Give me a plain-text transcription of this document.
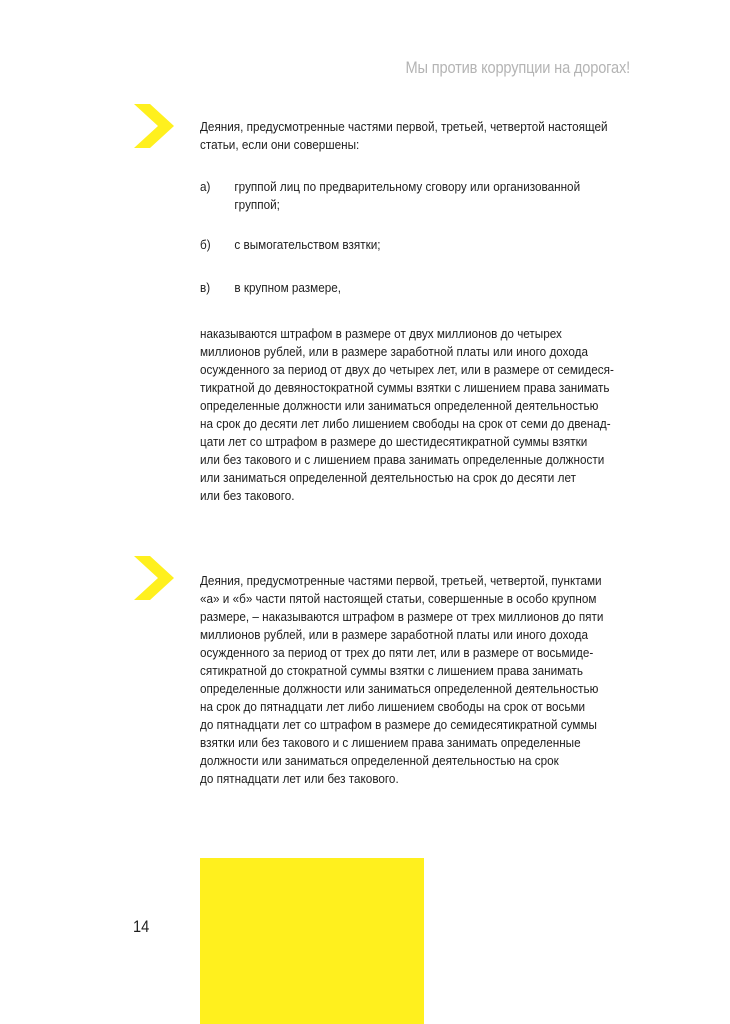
Мы против коррупции на дорогах!
Деяния, предусмотренные частями первой, третьей, четвертой настоящей
статьи, если они совершены:
а) группой лиц по предварительному сговору или организованной
группой;
б) с вымогательством взятки;
в) в крупном размере,
наказываются штрафом в размере от двух миллионов до четырех
миллионов рублей, или в размере заработной платы или иного дохода
осужденного за период от двух до четырех лет, или в размере от семидеся-
тикратной до девяностократной суммы взятки с лишением права занимать
определенные должности или заниматься определенной деятельностью
на срок до десяти лет либо лишением свободы на срок от семи до двенад-
цати лет со штрафом в размере до шестидесятикратной суммы взятки
или без такового и с лишением права занимать определенные должности
или заниматься определенной деятельностью на срок до десяти лет
или без такового.
Деяния, предусмотренные частями первой, третьей, четвертой, пунктами
«а» и «б» части пятой настоящей статьи, совершенные в особо крупном
размере, – наказываются штрафом в размере от трех миллионов до пяти
миллионов рублей, или в размере заработной платы или иного дохода
осужденного за период от трех до пяти лет, или в размере от восьмиде-
сятикратной до стократной суммы взятки с лишением права занимать
определенные должности или заниматься определенной деятельностью
на срок до пятнадцати лет либо лишением свободы на срок от восьми
до пятнадцати лет со штрафом в размере до семидесятикратной суммы
взятки или без такового и с лишением права занимать определенные
должности или заниматься определенной деятельностью на срок
до пятнадцати лет или без такового.
14
